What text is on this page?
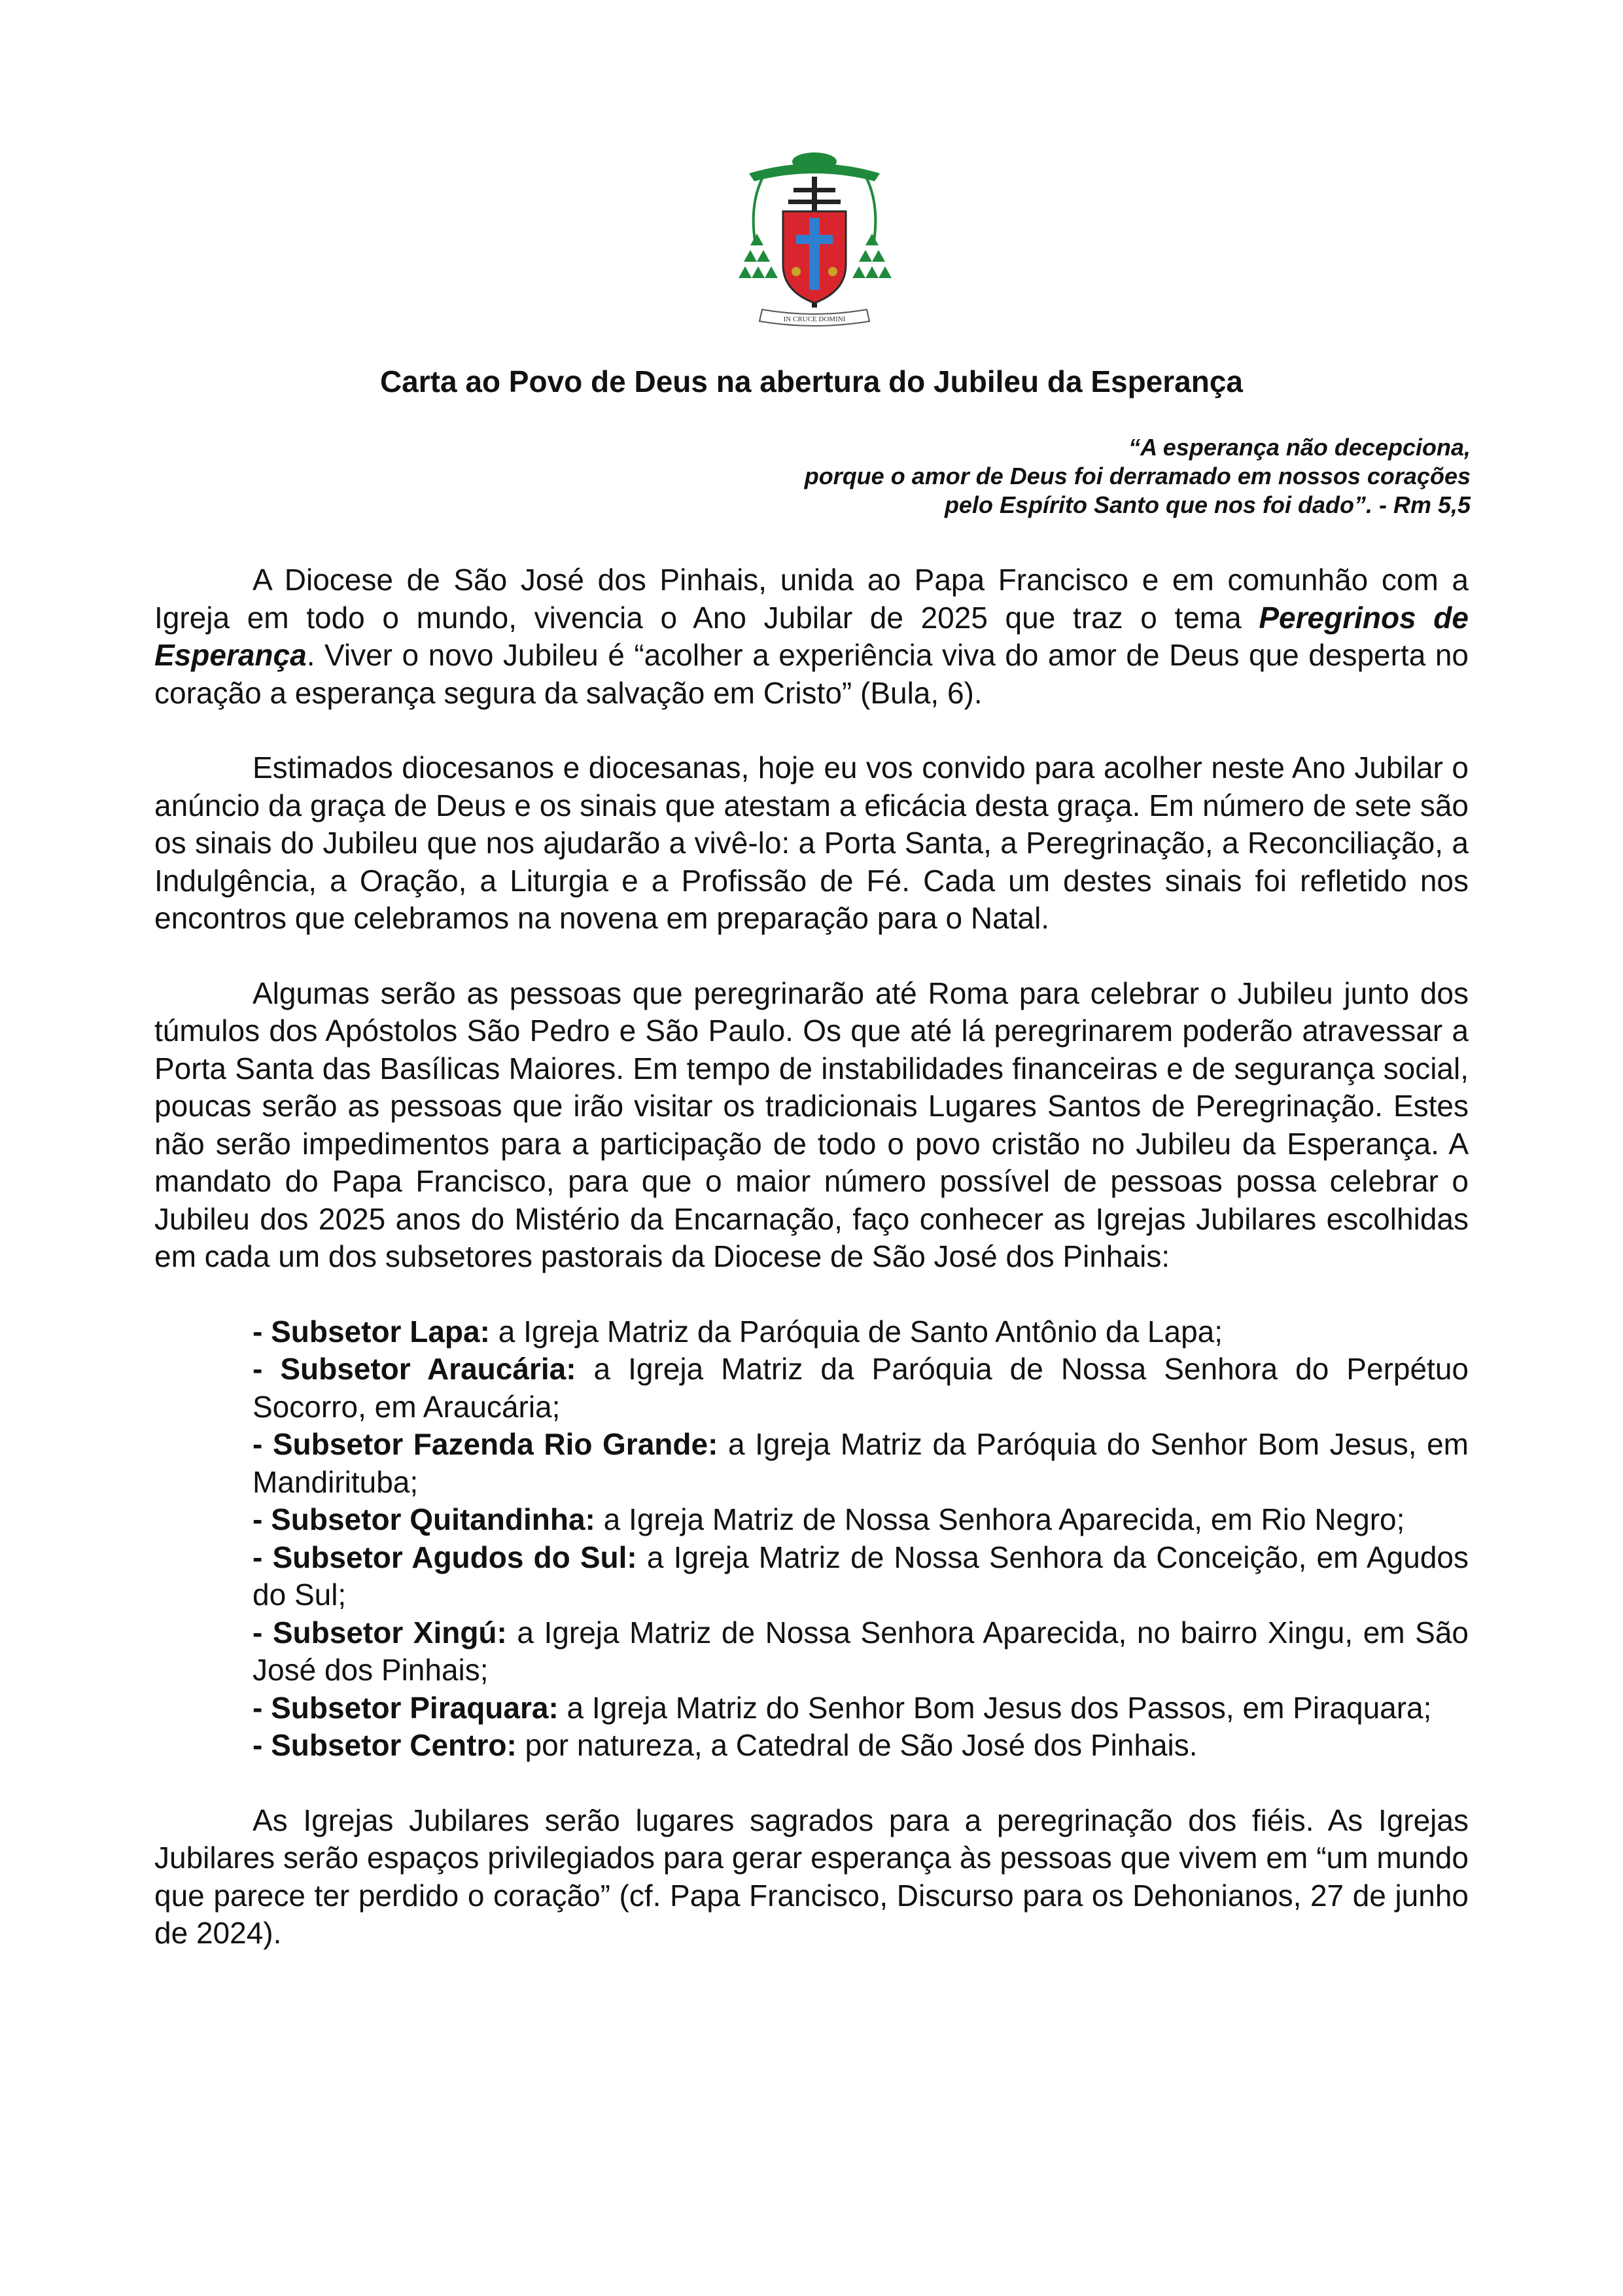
IN CRUCE DOMINI
Carta ao Povo de Deus na abertura do Jubileu da Esperança
“A esperança não decepciona,
porque o amor de Deus foi derramado em nossos corações
pelo Espírito Santo que nos foi dado”. - Rm 5,5

A Diocese de São José dos Pinhais, unida ao Papa Francisco e em comunhão com a Igreja em todo o mundo, vivencia o Ano Jubilar de 2025 que traz o tema Peregrinos de Esperança. Viver o novo Jubileu é “acolher a experiência viva do amor de Deus que desperta no coração a esperança segura da salvação em Cristo” (Bula, 6).

Estimados diocesanos e diocesanas, hoje eu vos convido para acolher neste Ano Jubilar o anúncio da graça de Deus e os sinais que atestam a eficácia desta graça. Em número de sete são os sinais do Jubileu que nos ajudarão a vivê-lo: a Porta Santa, a Peregrinação, a Reconciliação, a Indulgência, a Oração, a Liturgia e a Profissão de Fé. Cada um destes sinais foi refletido nos encontros que celebramos na novena em preparação para o Natal.

Algumas serão as pessoas que peregrinarão até Roma para celebrar o Jubileu junto dos túmulos dos Apóstolos São Pedro e São Paulo. Os que até lá peregrinarem poderão atravessar a Porta Santa das Basílicas Maiores. Em tempo de instabilidades financeiras e de segurança social, poucas serão as pessoas que irão visitar os tradicionais Lugares Santos de Peregrinação. Estes não serão impedimentos para a participação de todo o povo cristão no Jubileu da Esperança. A mandato do Papa Francisco, para que o maior número possível de pessoas possa celebrar o Jubileu dos 2025 anos do Mistério da Encarnação, faço conhecer as Igrejas Jubilares escolhidas em cada um dos subsetores pastorais da Diocese de São José dos Pinhais:

- Subsetor Lapa: a Igreja Matriz da Paróquia de Santo Antônio da Lapa;
- Subsetor Araucária: a Igreja Matriz da Paróquia de Nossa Senhora do Perpétuo Socorro, em Araucária;
- Subsetor Fazenda Rio Grande: a Igreja Matriz da Paróquia do Senhor Bom Jesus, em Mandirituba;
- Subsetor Quitandinha: a Igreja Matriz de Nossa Senhora Aparecida, em Rio Negro;
- Subsetor Agudos do Sul: a Igreja Matriz de Nossa Senhora da Conceição, em Agudos do Sul;
- Subsetor Xingú: a Igreja Matriz de Nossa Senhora Aparecida, no bairro Xingu, em São José dos Pinhais;
- Subsetor Piraquara: a Igreja Matriz do Senhor Bom Jesus dos Passos, em Piraquara;
- Subsetor Centro: por natureza, a Catedral de São José dos Pinhais.

As Igrejas Jubilares serão lugares sagrados para a peregrinação dos fiéis. As Igrejas Jubilares serão espaços privilegiados para gerar esperança às pessoas que vivem em “um mundo que parece ter perdido o coração” (cf. Papa Francisco, Discurso para os Dehonianos, 27 de junho de 2024).
